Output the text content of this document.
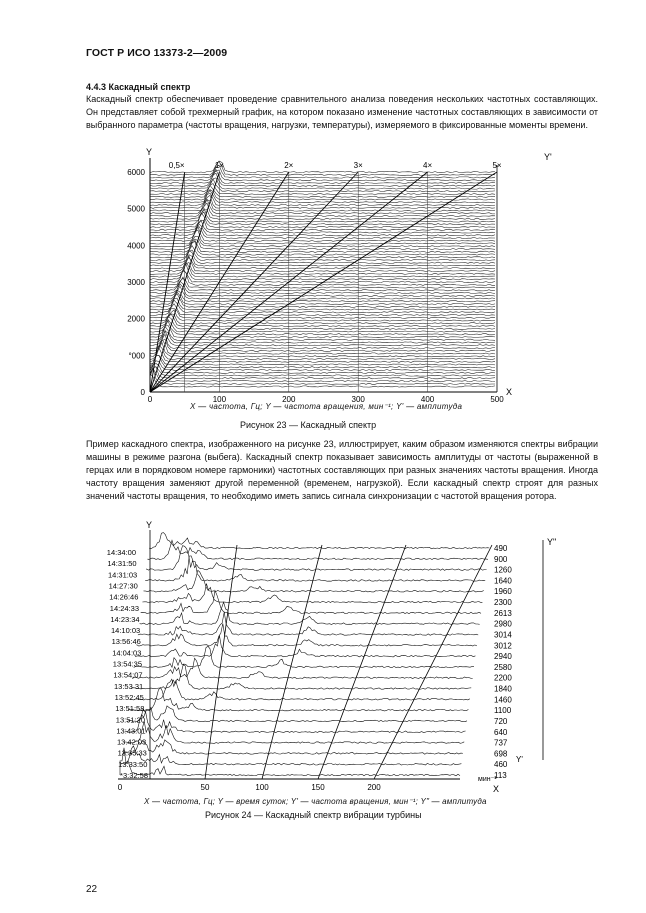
ГОСТ Р ИСО 13373-2—2009
4.4.3 Каскадный спектр
Каскадный спектр обеспечивает проведение сравнительного анализа поведения нескольких частотных составляющих. Он представляет собой трехмерный график, на котором показано изменение частотных составляющих в зависимости от выбранного параметра (частоты вращения, нагрузки, температуры), измеряемого в фиксированные моменты времени.
Y	Y'
6000
5000
4000
3000
2000
°000
0
0	100	200	300	400	500
0,5×	1×	2×	3×	4×	5×
X
X — частота, Гц; Y — частота вращения, мин⁻¹; Y' — амплитуда
Рисунок 23 — Каскадный спектр
Пример каскадного спектра, изображенного на рисунке 23, иллюстрирует, каким образом изменяются спектры вибрации машины в режиме разгона (выбега). Каскадный спектр показывает зависимость амплитуды от частоты (выраженной в герцах или в порядковом номере гармоники) частотных составляющих при разных значениях частоты вращения. Иногда частоту вращения заменяют другой переменной (временем, нагрузкой). Если каскадный спектр строят для разных значений частоты вращения, то необходимо иметь запись сигнала синхронизации с частотой вращения ротора.
Y
Y"
Y'
14:34:00
14:31:50
14:31:03
14:27:30
14:26:46
14:24:33
14:23:34
14:10:03
13:56:46
14:04:03
13:54:35
13:54:07
13:53 31
13:52:45
13:51:58
13:51:20
13:43:01
13.42:03
13:35:33
13:33:50
*3:32:58
490
900
1260
1640
1960
2300
2613
2980
3014
3012
2940
2580
2200
1840
1460
1100
720
640
737
698
460
113
0	50	100	150	200	X
мин⁻¹
X — частота, Гц; Y — время суток; Y' — частота вращения, мин⁻¹; Y" — амплитуда
Рисунок 24 — Каскадный спектр вибрации турбины
22
